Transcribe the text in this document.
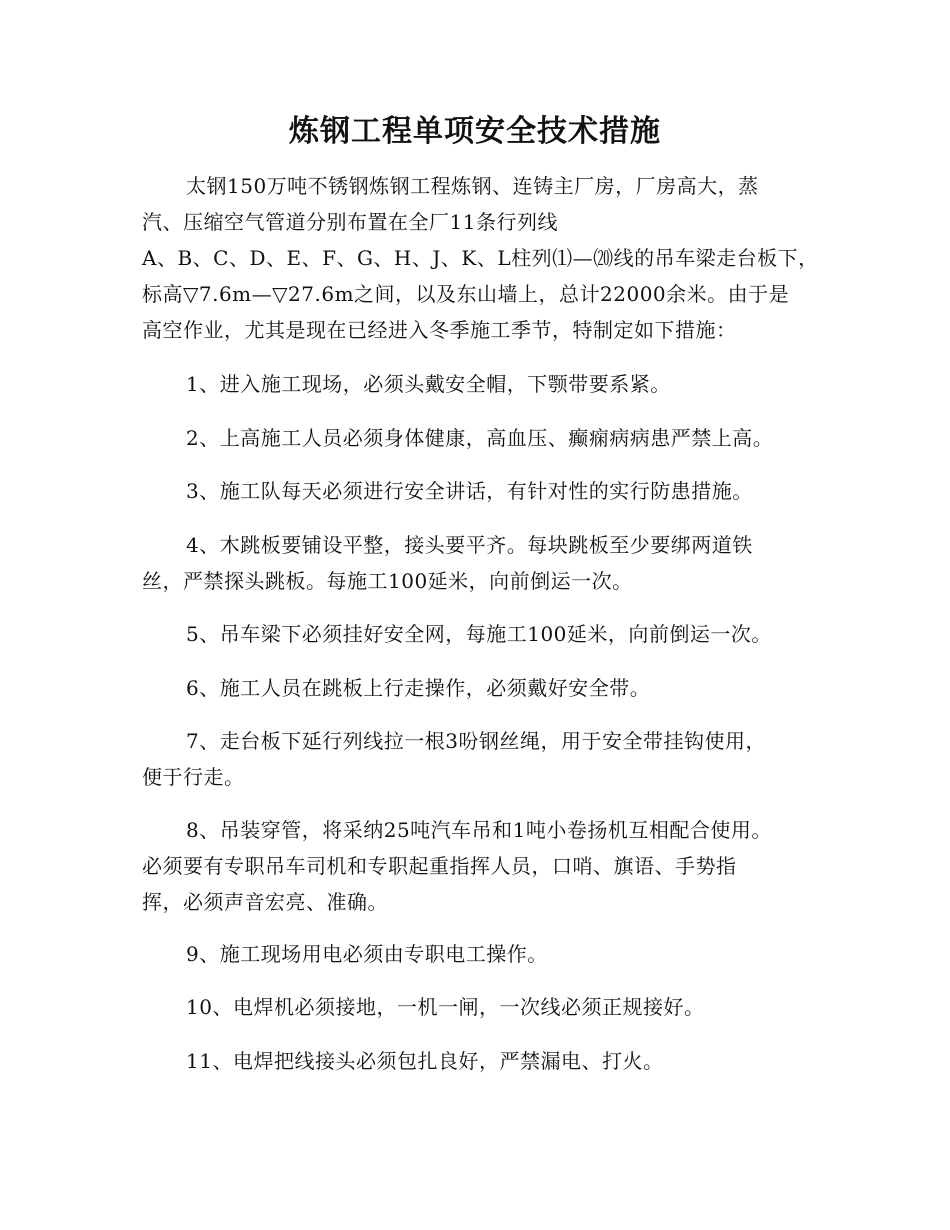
炼钢工程单项安全技术措施
太钢150万吨不锈钢炼钢工程炼钢、连铸主厂房，厂房高大，蒸
汽、压缩空气管道分别布置在全厂11条行列线
A、B、C、D、E、F、G、H、J、K、L柱列⑴—⒇线的吊车梁走台板下，
标高▽7.6m—▽27.6m之间，以及东山墙上，总计22000余米。由于是
高空作业，尤其是现在已经进入冬季施工季节，特制定如下措施：
1、进入施工现场，必须头戴安全帽，下颚带要系紧。
2、上高施工人员必须身体健康，高血压、癫痫病病患严禁上高。
3、施工队每天必须进行安全讲话，有针对性的实行防患措施。
4、木跳板要铺设平整，接头要平齐。每块跳板至少要绑两道铁
丝，严禁探头跳板。每施工100延米，向前倒运一次。
5、吊车梁下必须挂好安全网，每施工100延米，向前倒运一次。
6、施工人员在跳板上行走操作，必须戴好安全带。
7、走台板下延行列线拉一根3吩钢丝绳，用于安全带挂钩使用，
便于行走。
8、吊装穿管，将采纳25吨汽车吊和1吨小卷扬机互相配合使用。
必须要有专职吊车司机和专职起重指挥人员，口哨、旗语、手势指
挥，必须声音宏亮、准确。
9、施工现场用电必须由专职电工操作。
10、电焊机必须接地，一机一闸，一次线必须正规接好。
11、电焊把线接头必须包扎良好，严禁漏电、打火。
